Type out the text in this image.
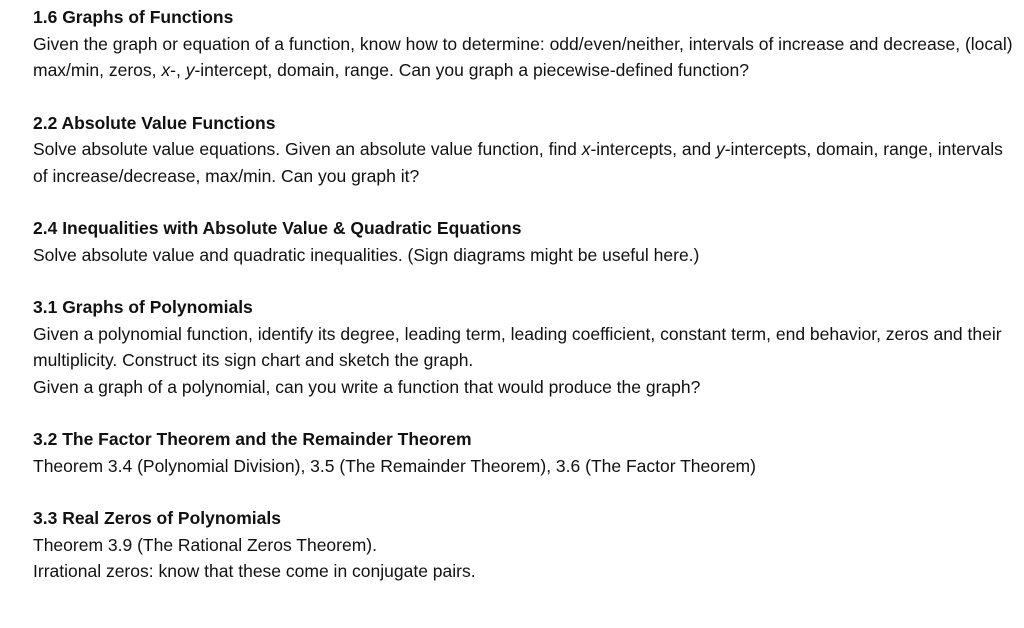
1.6 Graphs of Functions

Given the graph or equation of a function, know how to determine: odd/even/neither, intervals of increase and decrease, (local) max/min, zeros, x-, y-intercept, domain, range. Can you graph a piecewise-defined function?

2.2 Absolute Value Functions

Solve absolute value equations. Given an absolute value function, find x-intercepts, and y-intercepts, domain, range, intervals of increase/decrease, max/min. Can you graph it?

2.4 Inequalities with Absolute Value & Quadratic Equations

Solve absolute value and quadratic inequalities. (Sign diagrams might be useful here.)

3.1 Graphs of Polynomials

Given a polynomial function, identify its degree, leading term, leading coefficient, constant term, end behavior, zeros and their multiplicity. Construct its sign chart and sketch the graph.

Given a graph of a polynomial, can you write a function that would produce the graph?

3.2 The Factor Theorem and the Remainder Theorem

Theorem 3.4 (Polynomial Division), 3.5 (The Remainder Theorem), 3.6 (The Factor Theorem)

3.3 Real Zeros of Polynomials

Theorem 3.9 (The Rational Zeros Theorem).

Irrational zeros: know that these come in conjugate pairs.
